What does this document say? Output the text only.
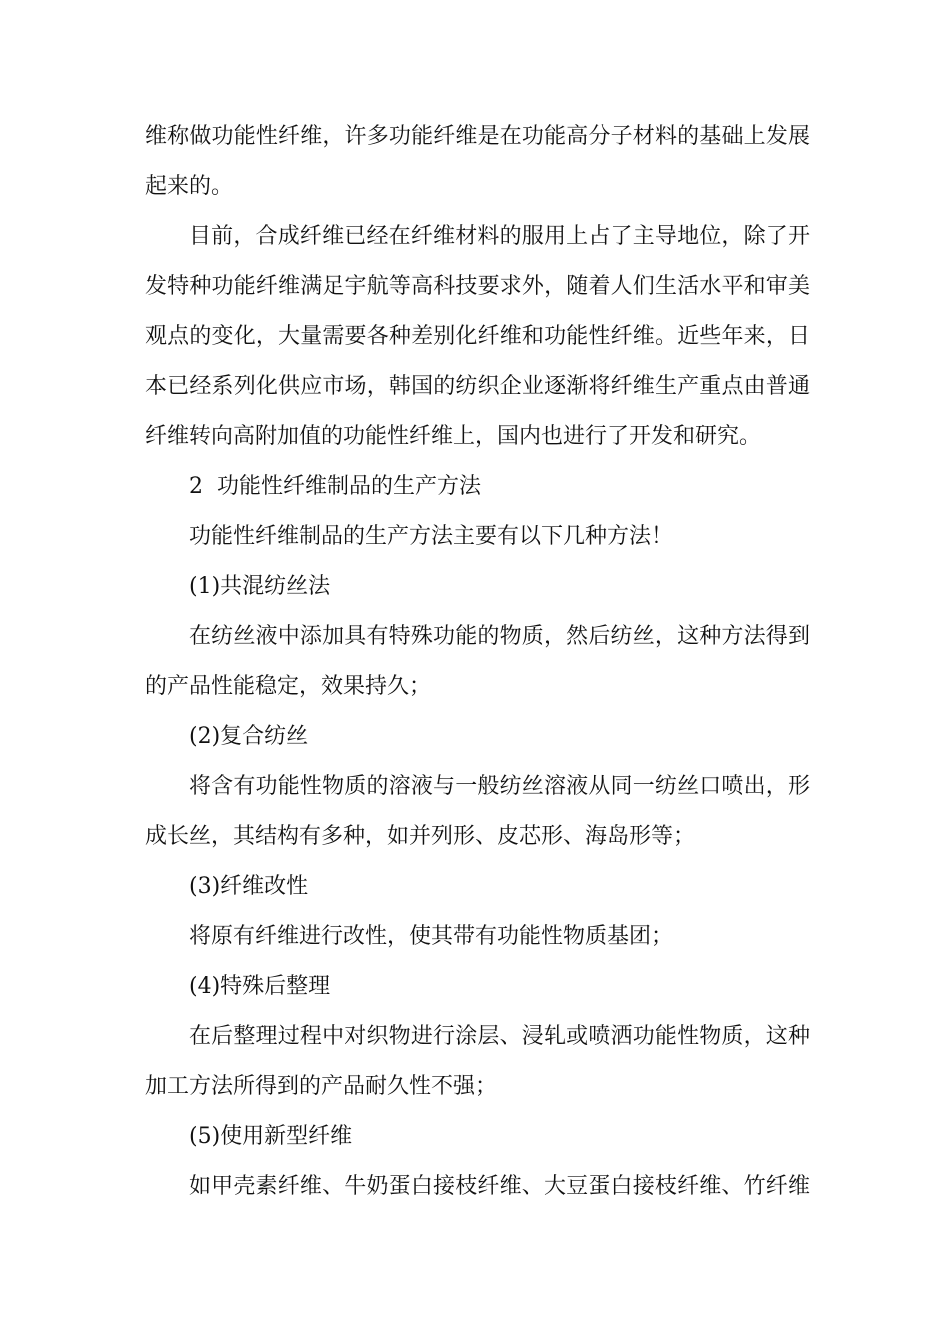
维称做功能性纤维，许多功能纤维是在功能高分子材料的基础上发展
起来的。
目前，合成纤维已经在纤维材料的服用上占了主导地位，除了开
发特种功能纤维满足宇航等高科技要求外，随着人们生活水平和审美
观点的变化，大量需要各种差别化纤维和功能性纤维。近些年来，日
本已经系列化供应市场，韩国的纺织企业逐渐将纤维生产重点由普通
纤维转向高附加值的功能性纤维上，国内也进行了开发和研究。
2  功能性纤维制品的生产方法
功能性纤维制品的生产方法主要有以下几种方法！
(1)共混纺丝法
在纺丝液中添加具有特殊功能的物质，然后纺丝，这种方法得到
的产品性能稳定，效果持久；
(2)复合纺丝
将含有功能性物质的溶液与一般纺丝溶液从同一纺丝口喷出，形
成长丝，其结构有多种，如并列形、皮芯形、海岛形等；
(3)纤维改性
将原有纤维进行改性，使其带有功能性物质基团；
(4)特殊后整理
在后整理过程中对织物进行涂层、浸轧或喷洒功能性物质，这种
加工方法所得到的产品耐久性不强；
(5)使用新型纤维
如甲壳素纤维、牛奶蛋白接枝纤维、大豆蛋白接枝纤维、竹纤维
